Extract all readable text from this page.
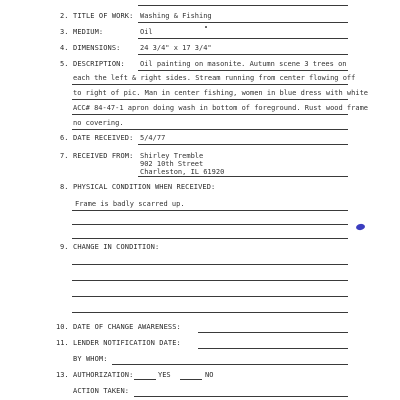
2. TITLE OF WORK: Washing & Fishing
3. MEDIUM:	Oil
4. DIMENSIONS:	24 3/4" x 17 3/4"
5. DESCRIPTION: Oil painting on masonite. Autumn scene 3 trees on
each the left & right sides. Stream running from center flowing off
to right of pic. Man in center fishing, women in blue dress with white
ACC# 84-47-1 apron doing wash in bottom of foreground. Rust wood frame
no covering.
6. DATE RECEIVED: 5/4/77
7. RECEIVED FROM: Shirley Tremble
902 10th Street
Charleston, IL 61920
8. PHYSICAL CONDITION WHEN RECEIVED:
Frame is badly scarred up.
9. CHANGE IN CONDITION:
10. DATE OF CHANGE AWARENESS:
11. LENDER NOTIFICATION DATE:
BY WHOM:
13. AUTHORIZATION:	YES	NO
ACTION TAKEN:
